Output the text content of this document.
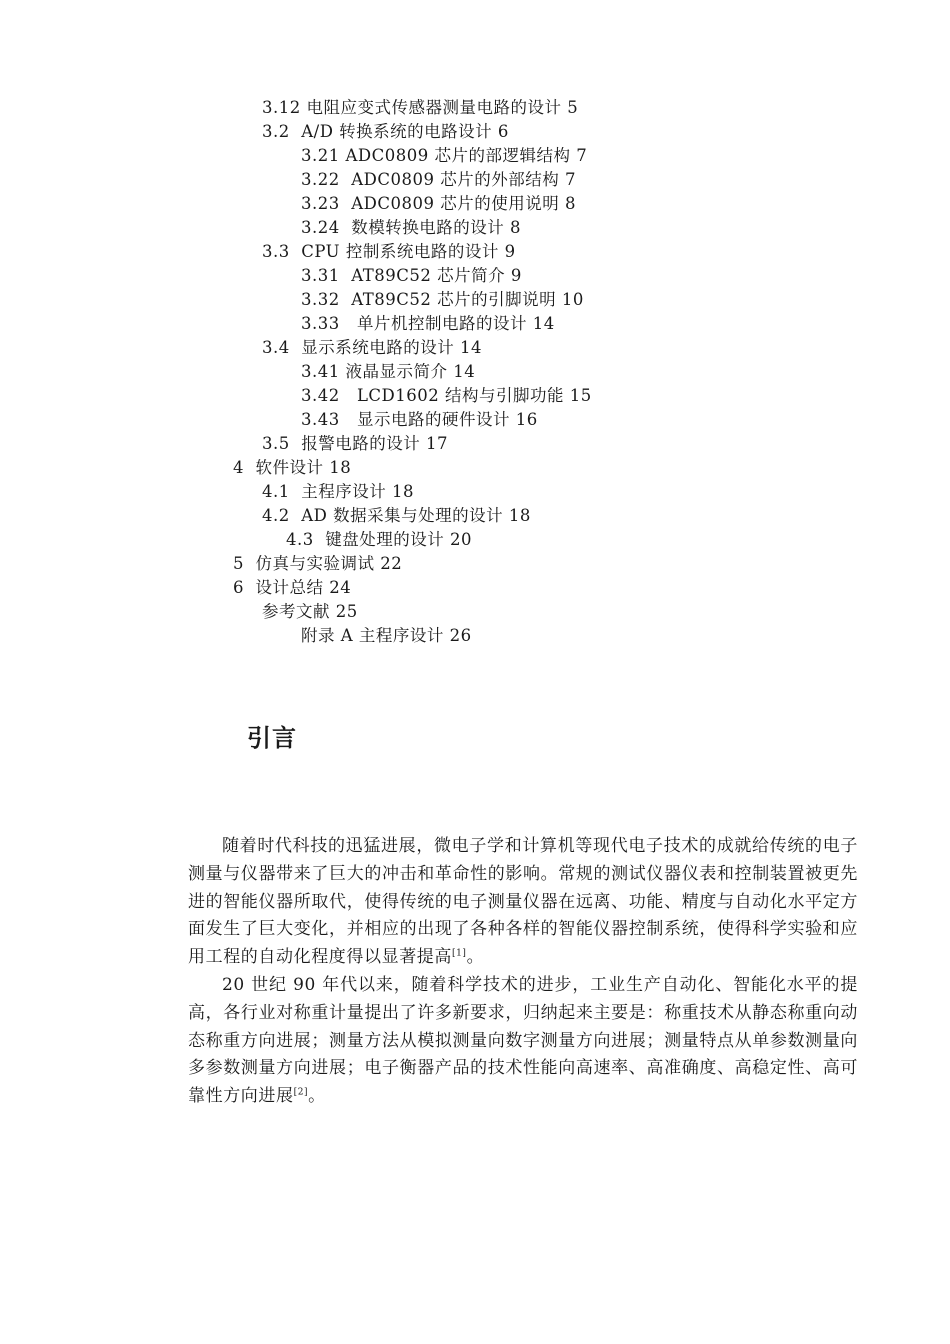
3.12 电阻应变式传感器测量电路的设计 5
3.2  A/D 转换系统的电路设计 6
3.21 ADC0809 芯片的部逻辑结构 7
3.22  ADC0809 芯片的外部结构 7
3.23  ADC0809 芯片的使用说明 8
3.24  数模转换电路的设计 8
3.3  CPU 控制系统电路的设计 9
3.31  AT89C52 芯片简介 9
3.32  AT89C52 芯片的引脚说明 10
3.33   单片机控制电路的设计 14
3.4  显示系统电路的设计 14
3.41 液晶显示简介 14
3.42   LCD1602 结构与引脚功能 15
3.43   显示电路的硬件设计 16
3.5  报警电路的设计 17
4  软件设计 18
4.1  主程序设计 18
4.2  AD 数据采集与处理的设计 18
4.3  键盘处理的设计 20
5  仿真与实验调试 22
6  设计总结 24
参考文献 25
附录 A 主程序设计 26
引言

随着时代科技的迅猛进展，微电子学和计算机等现代电子技术的成就给传统的电子测量与仪器带来了巨大的冲击和革命性的影响。常规的测试仪器仪表和控制装置被更先进的智能仪器所取代，使得传统的电子测量仪器在远离、功能、精度与自动化水平定方面发生了巨大变化，并相应的出现了各种各样的智能仪器控制系统，使得科学实验和应用工程的自动化程度得以显著提高[1]。

20 世纪 90 年代以来，随着科学技术的进步，工业生产自动化、智能化水平的提高，各行业对称重计量提出了许多新要求，归纳起来主要是：称重技术从静态称重向动态称重方向进展；测量方法从模拟测量向数字测量方向进展；测量特点从单参数测量向多参数测量方向进展；电子衡器产品的技术性能向高速率、高准确度、高稳定性、高可靠性方向进展[2]。
